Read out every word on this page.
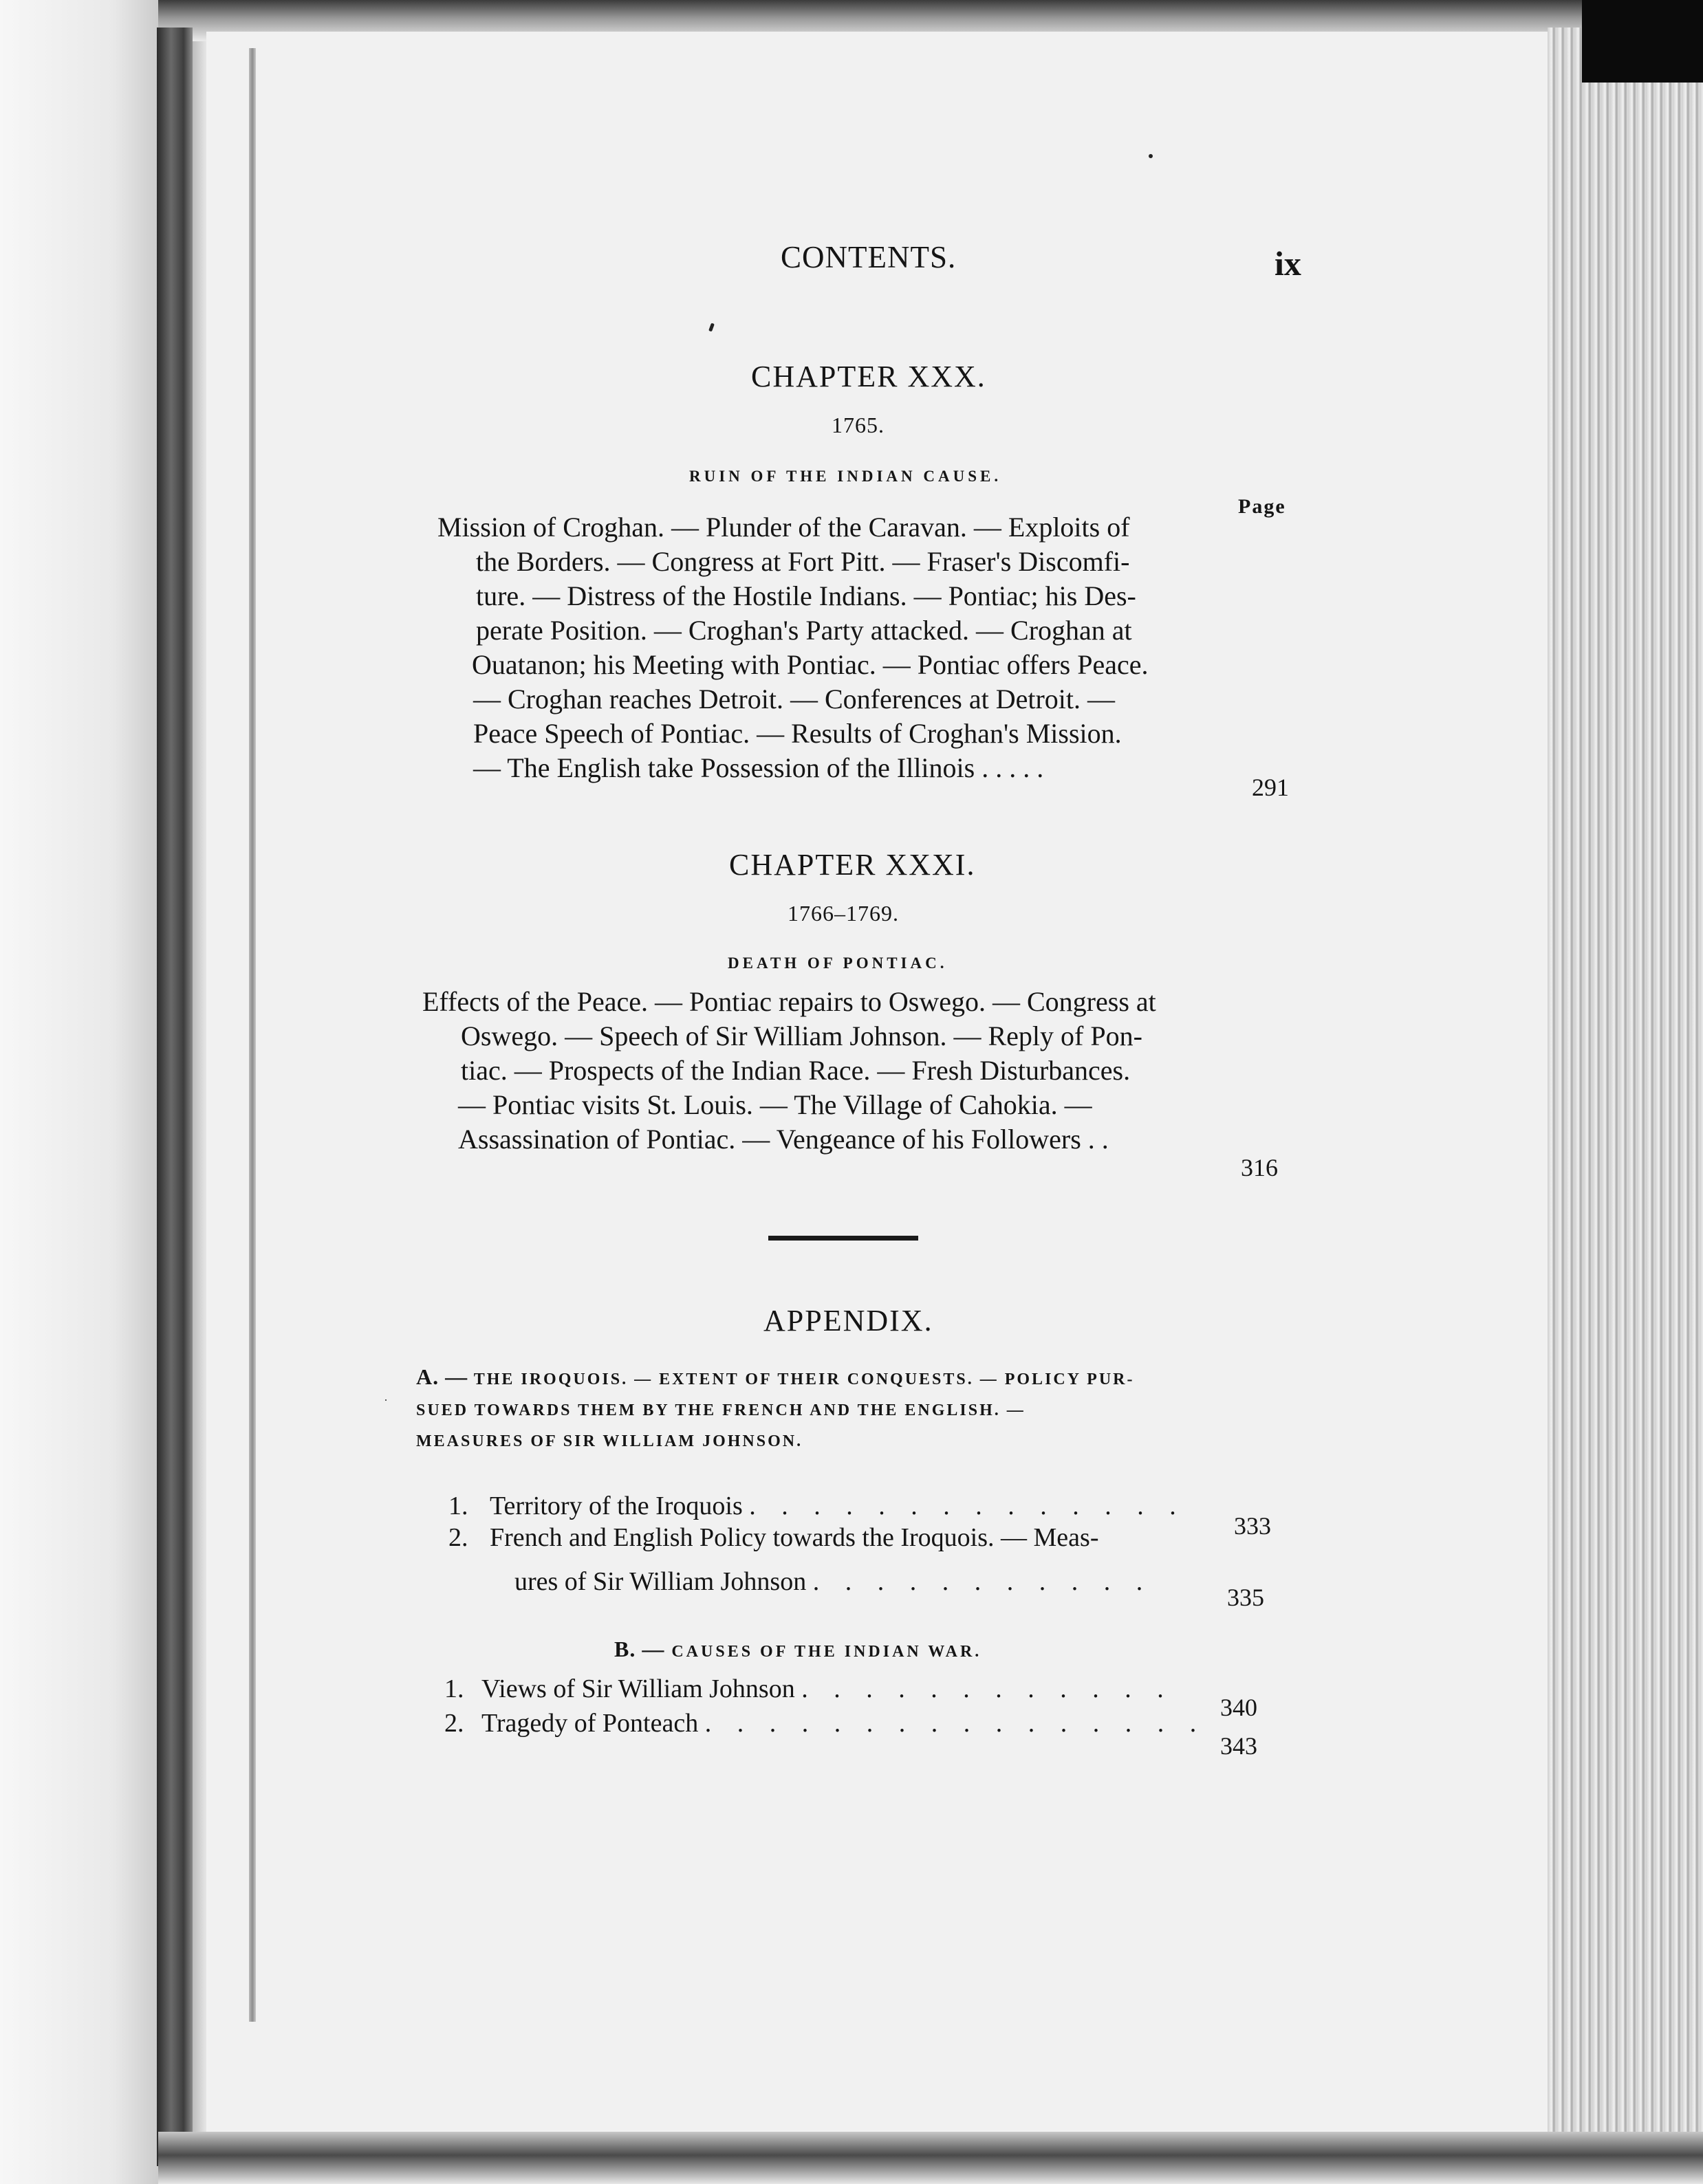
CONTENTS.	ix
CHAPTER XXX.
1765.
RUIN OF THE INDIAN CAUSE.
Page
Mission of Croghan. — Plunder of the Caravan. — Exploits of
the Borders. — Congress at Fort Pitt. — Fraser's Discomfi-
ture. — Distress of the Hostile Indians. — Pontiac; his Des-
perate Position. — Croghan's Party attacked. — Croghan at
Ouatanon; his Meeting with Pontiac. — Pontiac offers Peace.
— Croghan reaches Detroit. — Conferences at Detroit. —
Peace Speech of Pontiac. — Results of Croghan's Mission.
— The English take Possession of the Illinois . . . . .
291
CHAPTER XXXI.
1766–1769.
DEATH OF PONTIAC.
Effects of the Peace. — Pontiac repairs to Oswego. — Congress at
Oswego. — Speech of Sir William Johnson. — Reply of Pon-
tiac. — Prospects of the Indian Race. — Fresh Disturbances.
— Pontiac visits St. Louis. — The Village of Cahokia. —
Assassination of Pontiac. — Vengeance of his Followers . .
316
APPENDIX.
A. — THE IROQUOIS. — EXTENT OF THEIR CONQUESTS. — POLICY PUR-
SUED TOWARDS THEM BY THE FRENCH AND THE ENGLISH. —
MEASURES OF SIR WILLIAM JOHNSON.
1. Territory of the Iroquois . . . . . . . . . . . . . .
333
2. French and English Policy towards the Iroquois. — Meas-
ures of Sir William Johnson . . . . . . . . . . .
335
B. — CAUSES OF THE INDIAN WAR.
1. Views of Sir William Johnson . . . . . . . . . . . .
340
2. Tragedy of Ponteach . . . . . . . . . . . . . . . .
343
